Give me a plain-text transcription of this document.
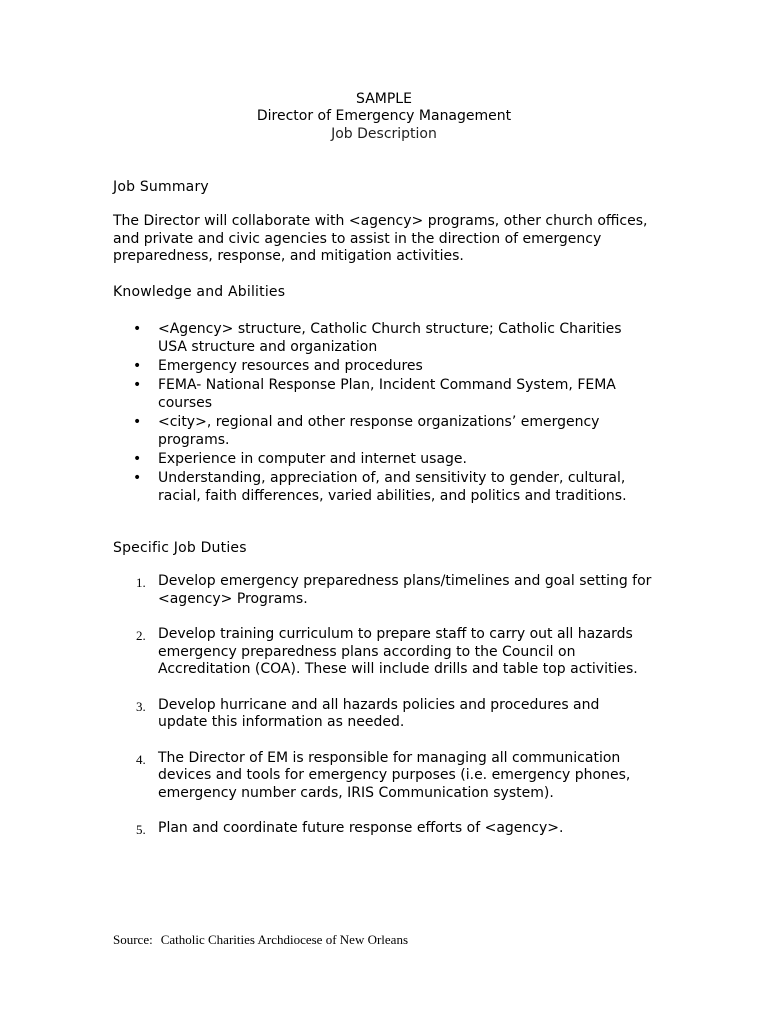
SAMPLE
Director of Emergency Management
Job Description
Job Summary
The Director will collaborate with <agency> programs, other church offices, and private and civic agencies to assist in the direction of emergency preparedness, response, and mitigation activities.
Knowledge and Abilities
• <Agency> structure, Catholic Church structure; Catholic Charities USA structure and organization
• Emergency resources and procedures
• FEMA- National Response Plan, Incident Command System, FEMA courses
• <city>, regional and other response organizations’ emergency programs.
• Experience in computer and internet usage.
• Understanding, appreciation of, and sensitivity to gender, cultural, racial, faith differences, varied abilities, and politics and traditions.
Specific Job Duties
1. Develop emergency preparedness plans/timelines and goal setting for <agency> Programs.
2. Develop training curriculum to prepare staff to carry out all hazards emergency preparedness plans according to the Council on Accreditation (COA). These will include drills and table top activities.
3. Develop hurricane and all hazards policies and procedures and update this information as needed.
4. The Director of EM is responsible for managing all communication devices and tools for emergency purposes (i.e. emergency phones, emergency number cards, IRIS Communication system).
5. Plan and coordinate future response efforts of <agency>.
Source: Catholic Charities Archdiocese of New Orleans
